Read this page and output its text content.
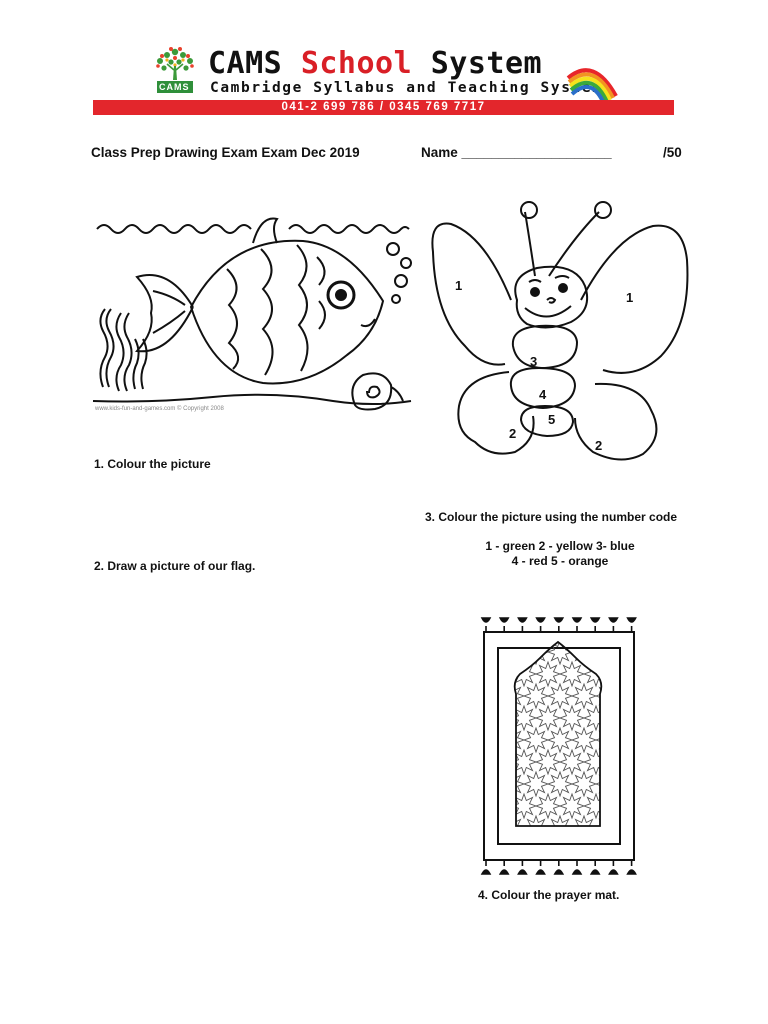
CAMS
CAMS School System
Cambridge Syllabus and Teaching System
041-2 699 786 / 0345 769 7717
Class Prep Drawing Exam Exam Dec 2019	Name ____________________	/50
www.kids-fun-and-games.com © Copyright 2008
1
1
3
4
5
2
2
1. Colour the picture
3. Colour the picture using the number code
1 - green 2 - yellow 3- blue
4 - red 5 - orange
2. Draw a picture of our flag.
4. Colour the prayer mat.
